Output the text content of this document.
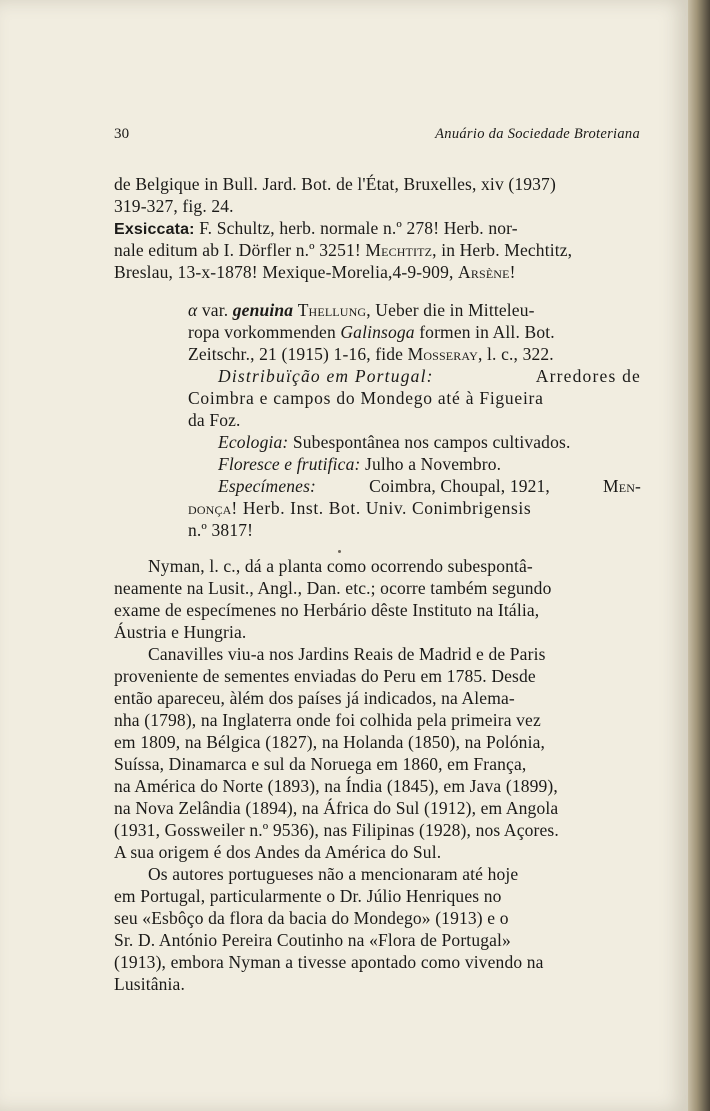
30	Anuário da Sociedade Broteriana
de Belgique in Bull. Jard. Bot. de l'État, Bruxelles, xiv (1937)
319-327, fig. 24.
Exsiccata: F. Schultz, herb. normale n.º 278! Herb. nor-
nale editum ab I. Dörfler n.º 3251! Mechtitz, in Herb. Mechtitz,
Breslau, 13-x-1878! Mexique-Morelia,4-9-909, Arsène!
α var. genuina Thellung, Ueber die in Mitteleu-
ropa vorkommenden Galinsoga formen in All. Bot.
Zeitschr., 21 (1915) 1-16, fide Mosseray, l. c., 322.
Distribuïção em Portugal:	Arredores de
Coimbra e campos do Mondego até à Figueira
da Foz.
Ecologia: Subespontânea nos campos cultivados.
Floresce e frutifica: Julho a Novembro.
Especímenes:	Coimbra, Choupal, 1921,	Men-
donça! Herb. Inst. Bot. Univ. Conimbrigensis
n.º 3817!
Nyman, l. c., dá a planta como ocorrendo subespontâ-
neamente na Lusit., Angl., Dan. etc.; ocorre também segundo
exame de especímenes no Herbário dêste Instituto na Itália,
Áustria e Hungria.
Canavilles viu-a nos Jardins Reais de Madrid e de Paris
proveniente de sementes enviadas do Peru em 1785. Desde
então apareceu, àlém dos países já indicados, na Alema-
nha (1798), na Inglaterra onde foi colhida pela primeira vez
em 1809, na Bélgica (1827), na Holanda (1850), na Polónia,
Suíssa, Dinamarca e sul da Noruega em 1860, em França,
na América do Norte (1893), na Índia (1845), em Java (1899),
na Nova Zelândia (1894), na África do Sul (1912), em Angola
(1931, Gossweiler n.º 9536), nas Filipinas (1928), nos Açores.
A sua origem é dos Andes da América do Sul.
Os autores portugueses não a mencionaram até hoje
em Portugal, particularmente o Dr. Júlio Henriques no
seu «Esbôço da flora da bacia do Mondego» (1913) e o
Sr. D. António Pereira Coutinho na «Flora de Portugal»
(1913), embora Nyman a tivesse apontado como vivendo na
Lusitânia.
